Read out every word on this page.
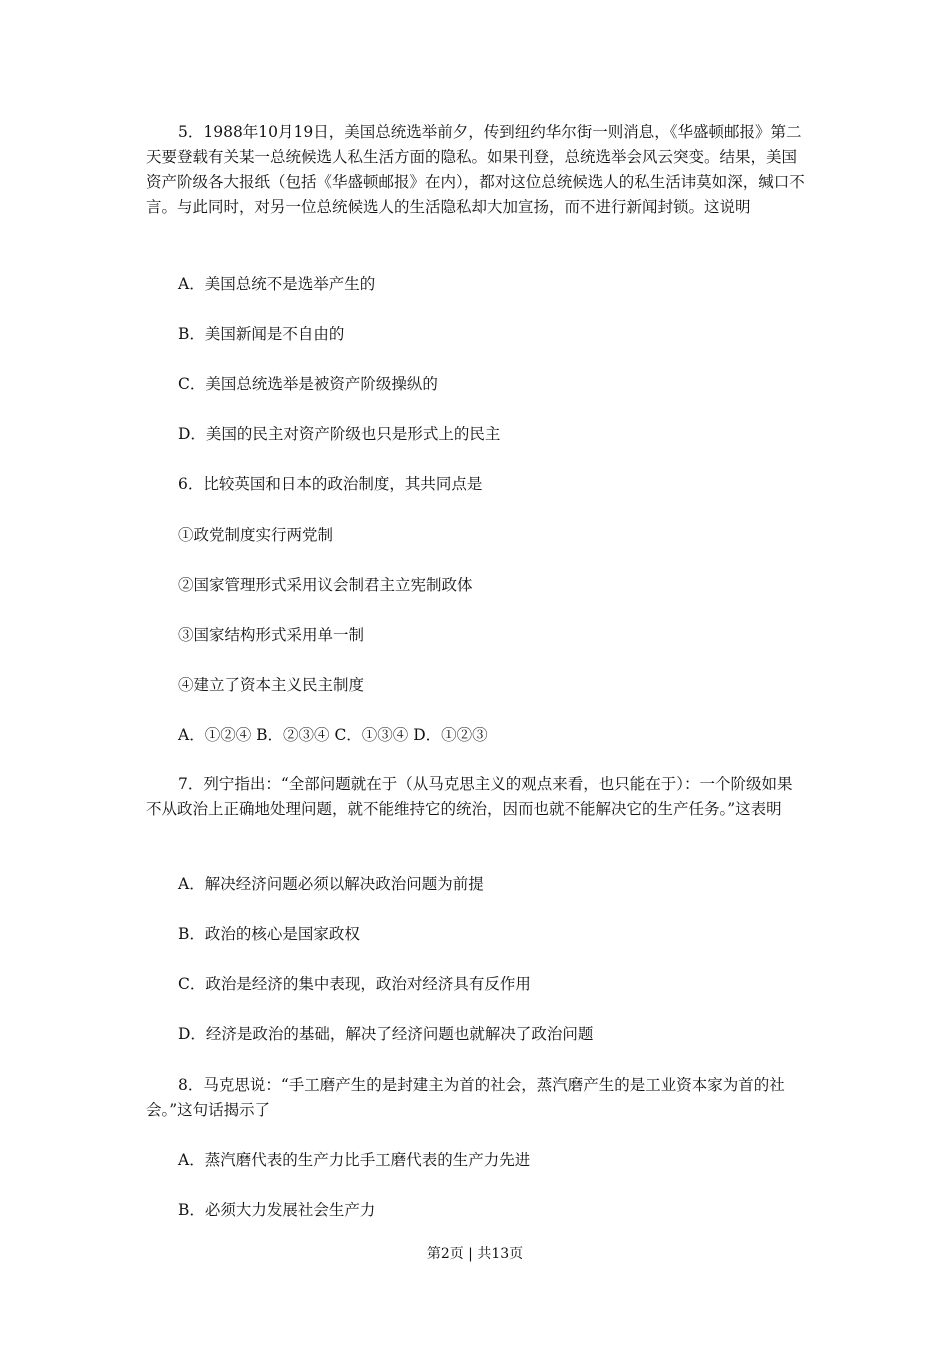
5．1988年10月19日，美国总统选举前夕，传到纽约华尔街一则消息，《华盛顿邮报》第二天要登载有关某一总统候选人私生活方面的隐私。如果刊登，总统选举会风云突变。结果，美国资产阶级各大报纸（包括《华盛顿邮报》在内），都对这位总统候选人的私生活讳莫如深，缄口不言。与此同时，对另一位总统候选人的生活隐私却大加宣扬，而不进行新闻封锁。这说明

A．美国总统不是选举产生的

B．美国新闻是不自由的

C．美国总统选举是被资产阶级操纵的

D．美国的民主对资产阶级也只是形式上的民主

6．比较英国和日本的政治制度，其共同点是

①政党制度实行两党制

②国家管理形式采用议会制君主立宪制政体

③国家结构形式采用单一制

④建立了资本主义民主制度

A．①②④ B．②③④ C．①③④ D．①②③

7．列宁指出：“全部问题就在于（从马克思主义的观点来看，也只能在于）：一个阶级如果不从政治上正确地处理问题，就不能维持它的统治，因而也就不能解决它的生产任务。”这表明

A．解决经济问题必须以解决政治问题为前提

B．政治的核心是国家政权

C．政治是经济的集中表现，政治对经济具有反作用

D．经济是政治的基础，解决了经济问题也就解决了政治问题

8．马克思说：“手工磨产生的是封建主为首的社会，蒸汽磨产生的是工业资本家为首的社会。”这句话揭示了

A．蒸汽磨代表的生产力比手工磨代表的生产力先进

B．必须大力发展社会生产力

第2页 | 共13页
